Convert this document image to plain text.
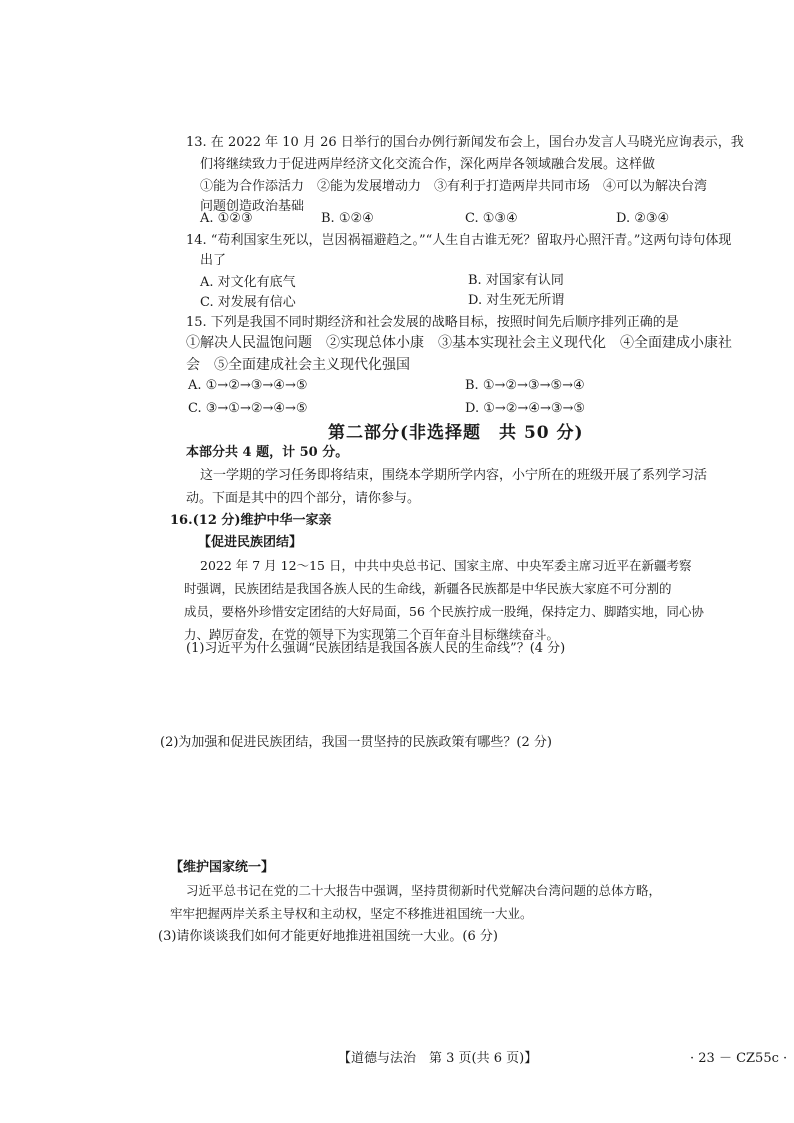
13. 在 2022 年 10 月 26 日举行的国台办例行新闻发布会上，国台办发言人马晓光应询表示，我
们将继续致力于促进两岸经济文化交流合作，深化两岸各领域融合发展。这样做
①能为合作添活力　②能为发展增动力　③有利于打造两岸共同市场　④可以为解决台湾
问题创造政治基础
A. ①②③	B. ①②④	C. ①③④	D. ②③④
14. “苟利国家生死以，岂因祸福避趋之。”“人生自古谁无死？留取丹心照汗青。”这两句诗句体现
出了
A. 对文化有底气	B. 对国家有认同
C. 对发展有信心	D. 对生死无所谓
15. 下列是我国不同时期经济和社会发展的战略目标，按照时间先后顺序排列正确的是
①解决人民温饱问题　②实现总体小康　③基本实现社会主义现代化　④全面建成小康社
会　⑤全面建成社会主义现代化强国
A. ①→②→③→④→⑤	B. ①→②→③→⑤→④
C. ③→①→②→④→⑤	D. ①→②→④→③→⑤
第二部分(非选择题　共 50 分)
本部分共 4 题，计 50 分。
这一学期的学习任务即将结束，围绕本学期所学内容，小宁所在的班级开展了系列学习活
动。下面是其中的四个部分，请你参与。
16.(12 分)维护中华一家亲
【促进民族团结】
2022 年 7 月 12～15 日，中共中央总书记、国家主席、中央军委主席习近平在新疆考察
时强调，民族团结是我国各族人民的生命线，新疆各民族都是中华民族大家庭不可分割的
成员，要格外珍惜安定团结的大好局面，56 个民族拧成一股绳，保持定力、脚踏实地，同心协
力、踔厉奋发，在党的领导下为实现第二个百年奋斗目标继续奋斗。
(1)习近平为什么强调“民族团结是我国各族人民的生命线”？(4 分)
(2)为加强和促进民族团结，我国一贯坚持的民族政策有哪些？(2 分)
【维护国家统一】
习近平总书记在党的二十大报告中强调，坚持贯彻新时代党解决台湾问题的总体方略，
牢牢把握两岸关系主导权和主动权，坚定不移推进祖国统一大业。
(3)请你谈谈我们如何才能更好地推进祖国统一大业。(6 分)
【道德与法治　第 3 页(共 6 页)】	· 23 － CZ55c ·
